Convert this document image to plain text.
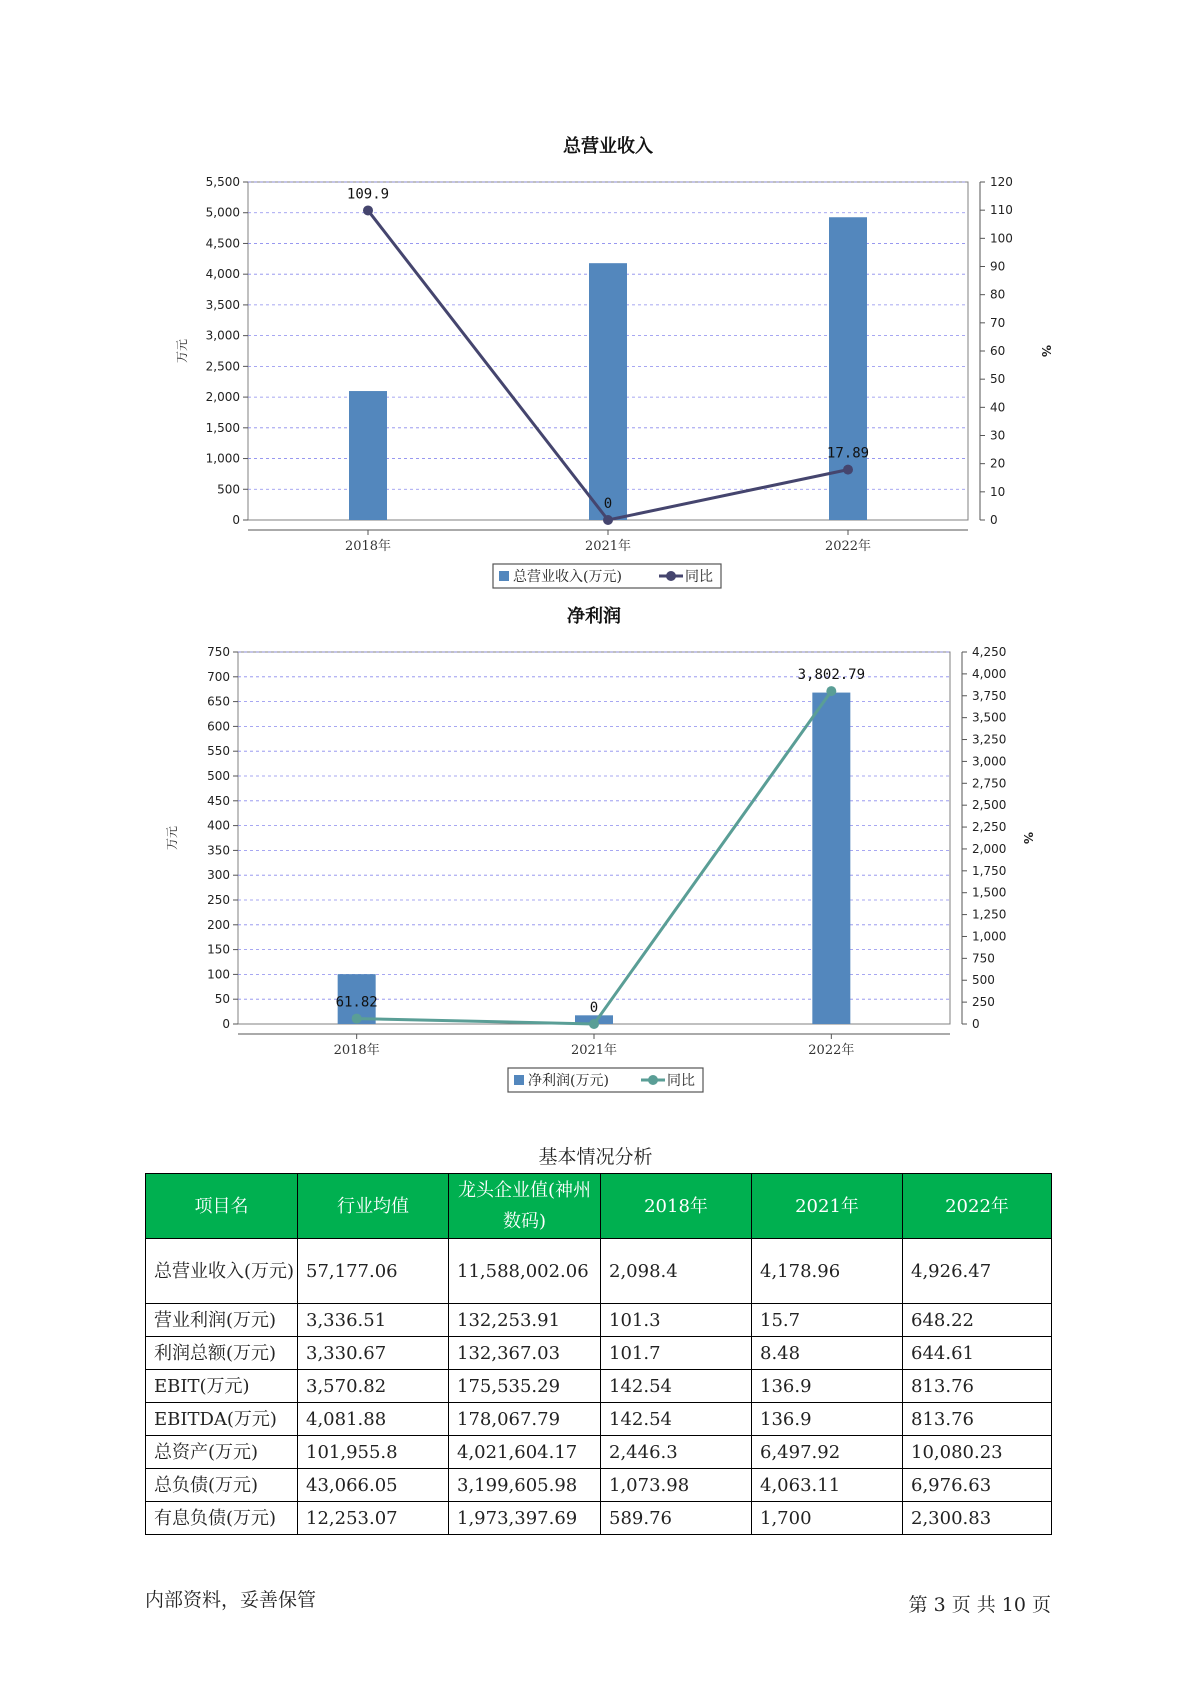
总营业收入
0
500
1,000
1,500
2,000
2,500
3,000
3,500
4,000
4,500
5,000
5,500
0
10
20
30
40
50
60
70
80
90
100
110
120
万元	%
2018年	2021年	2022年
109.9
0
17.89
总营业收入(万元)	同比
净利润
0
50
100
150
200
250
300
350
400
450
500
550
600
650
700
750
0
250
500
750
1,000
1,250
1,500
1,750
2,000
2,250
2,500
2,750
3,000
3,250
3,500
3,750
4,000
4,250
万元	%
2018年	2021年	2022年
61.82	0
3,802.79
净利润(万元)	同比
基本情况分析
项目名	行业均值	龙头企业值(神州数码)	2018年	2021年	2022年
总营业收入(万元)	57,177.06	11,588,002.06	2,098.4	4,178.96	4,926.47
营业利润(万元)	3,336.51	132,253.91	101.3	15.7	648.22
利润总额(万元)	3,330.67	132,367.03	101.7	8.48	644.61
EBIT(万元)	3,570.82	175,535.29	142.54	136.9	813.76
EBITDA(万元)	4,081.88	178,067.79	142.54	136.9	813.76
总资产(万元)	101,955.8	4,021,604.17	2,446.3	6,497.92	10,080.23
总负债(万元)	43,066.05	3,199,605.98	1,073.98	4,063.11	6,976.63
有息负债(万元)	12,253.07	1,973,397.69	589.76	1,700	2,300.83
内部资料，妥善保管	第 3 页 共 10 页
